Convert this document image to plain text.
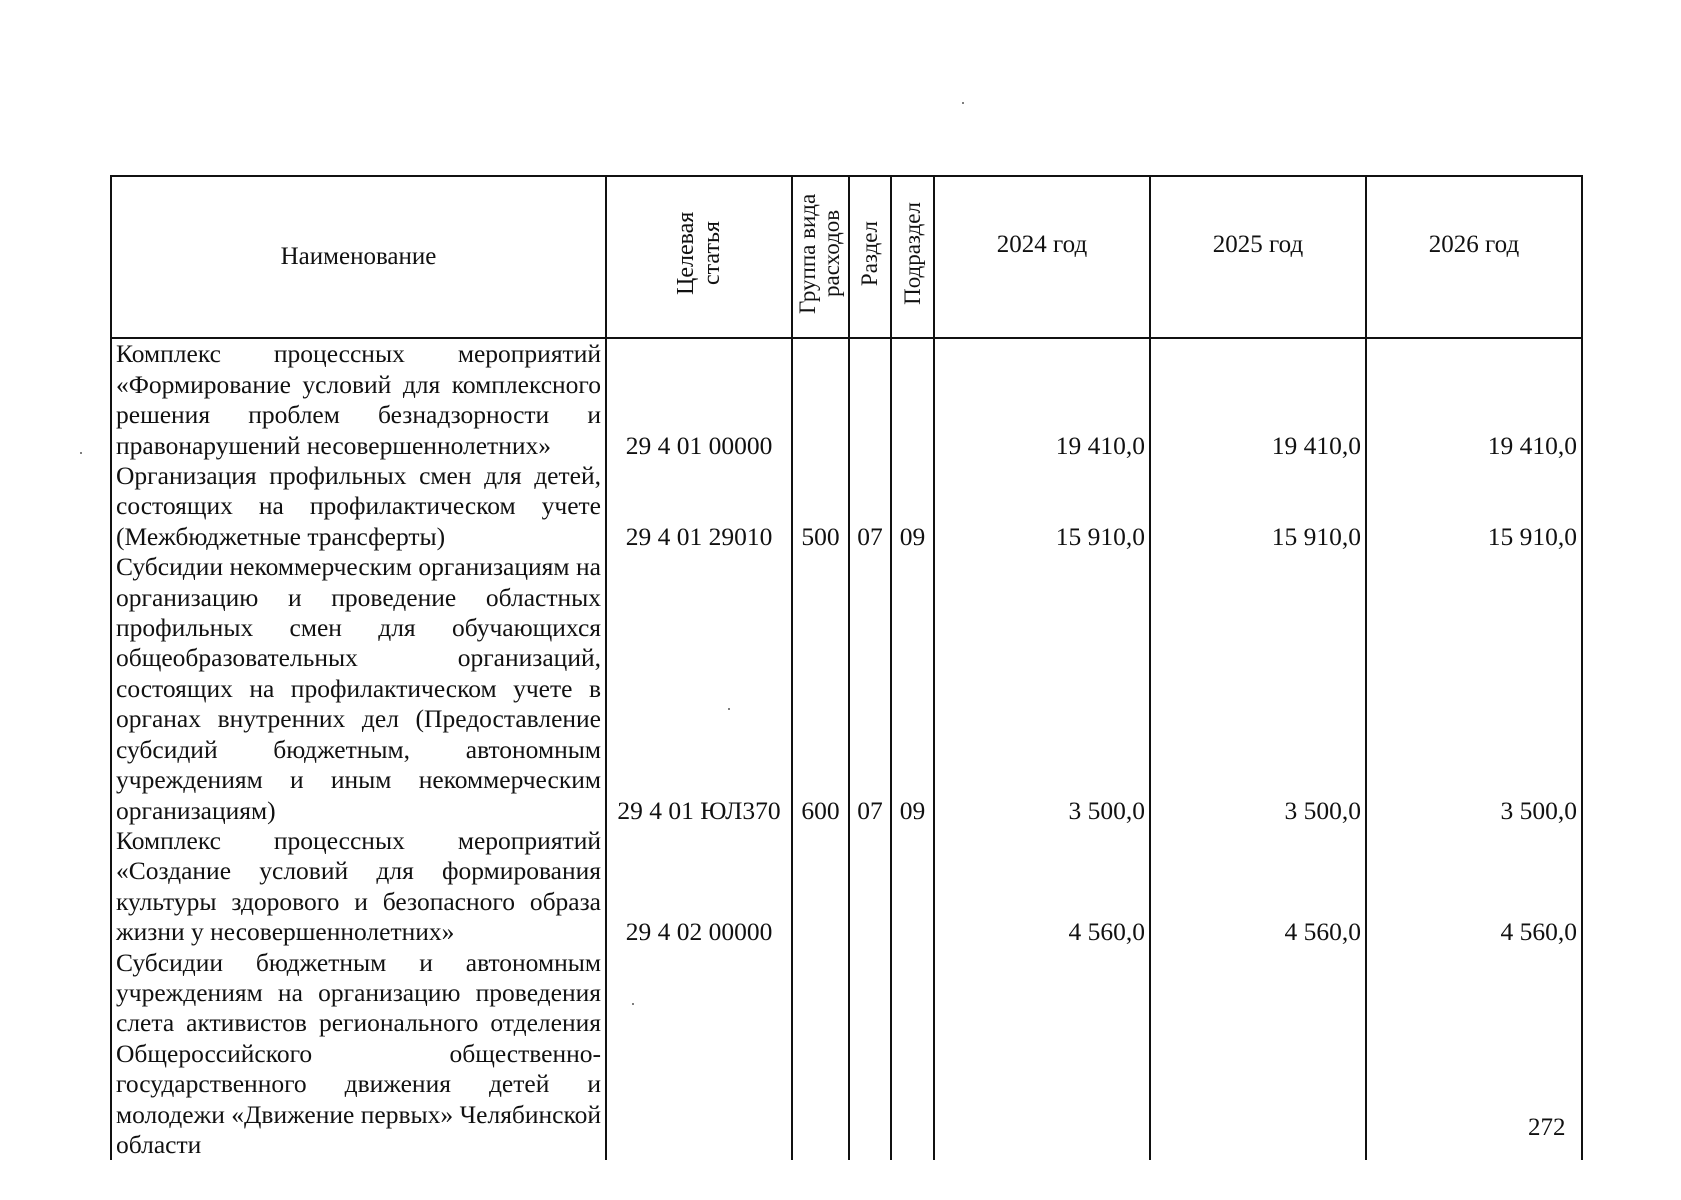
Наименование	Целевая статья	Группа вида расходов	Раздел	Подраздел	2024 год	2025 год	2026 год
Комплекс процессных мероприятий «Формирование условий для комплексного решения проблем безнадзорности и правонарушений несовершеннолетних»	29 4 01 00000				19 410,0	19 410,0	19 410,0
Организация профильных смен для детей, состоящих на профилактическом учете (Межбюджетные трансферты)	29 4 01 29010	500	07	09	15 910,0	15 910,0	15 910,0
Субсидии некоммерческим организациям на организацию и проведение областных профильных смен для обучающихся общеобразовательных организаций, состоящих на профилактическом учете в органах внутренних дел (Предоставление субсидий бюджетным, автономным учреждениям и иным некоммерческим организациям)	29 4 01 ЮЛ370	600	07	09	3 500,0	3 500,0	3 500,0
Комплекс процессных мероприятий «Создание условий для формирования культуры здорового и безопасного образа жизни у несовершеннолетних»	29 4 02 00000				4 560,0	4 560,0	4 560,0
Субсидии бюджетным и автономным учреждениям на организацию проведения слета активистов регионального отделения Общероссийского общественно-государственного движения детей и молодежи «Движение первых» Челябинской области							
272
